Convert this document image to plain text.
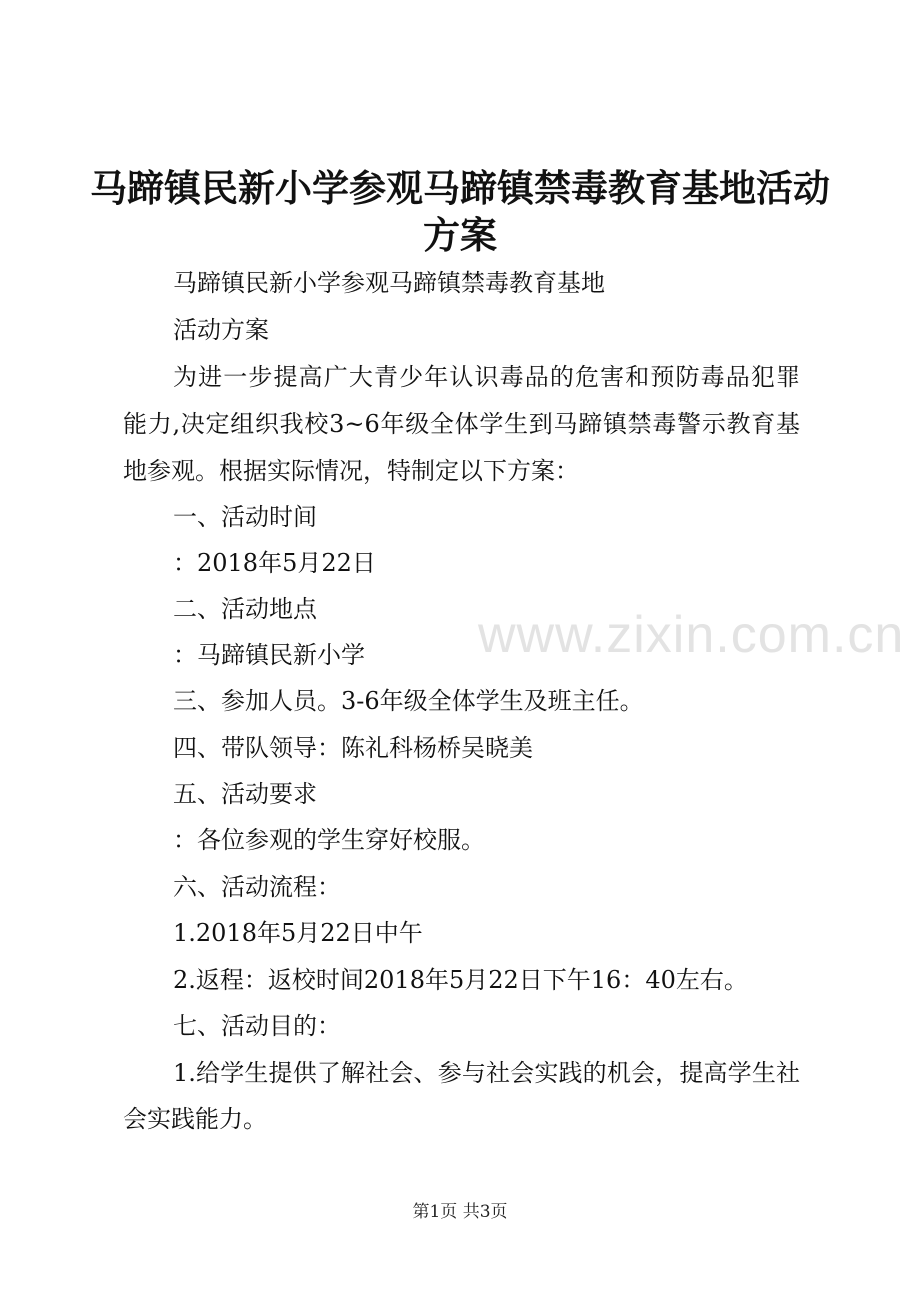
马蹄镇民新小学参观马蹄镇禁毒教育基地活动
方案

马蹄镇民新小学参观马蹄镇禁毒教育基地

活动方案

为进一步提高广大青少年认识毒品的危害和预防毒品犯罪

能力,决定组织我校3~6年级全体学生到马蹄镇禁毒警示教育基

地参观。根据实际情况，特制定以下方案：

一、活动时间

：2018年5月22日

二、活动地点

：马蹄镇民新小学

三、参加人员。3-6年级全体学生及班主任。

四、带队领导：陈礼科杨桥吴晓美

五、活动要求

：各位参观的学生穿好校服。

六、活动流程：

1.2018年5月22日中午

2.返程：返校时间2018年5月22日下午16：40左右。

七、活动目的：

1.给学生提供了解社会、参与社会实践的机会，提高学生社

会实践能力。

www.zixin.com.cn
第1页 共3页
